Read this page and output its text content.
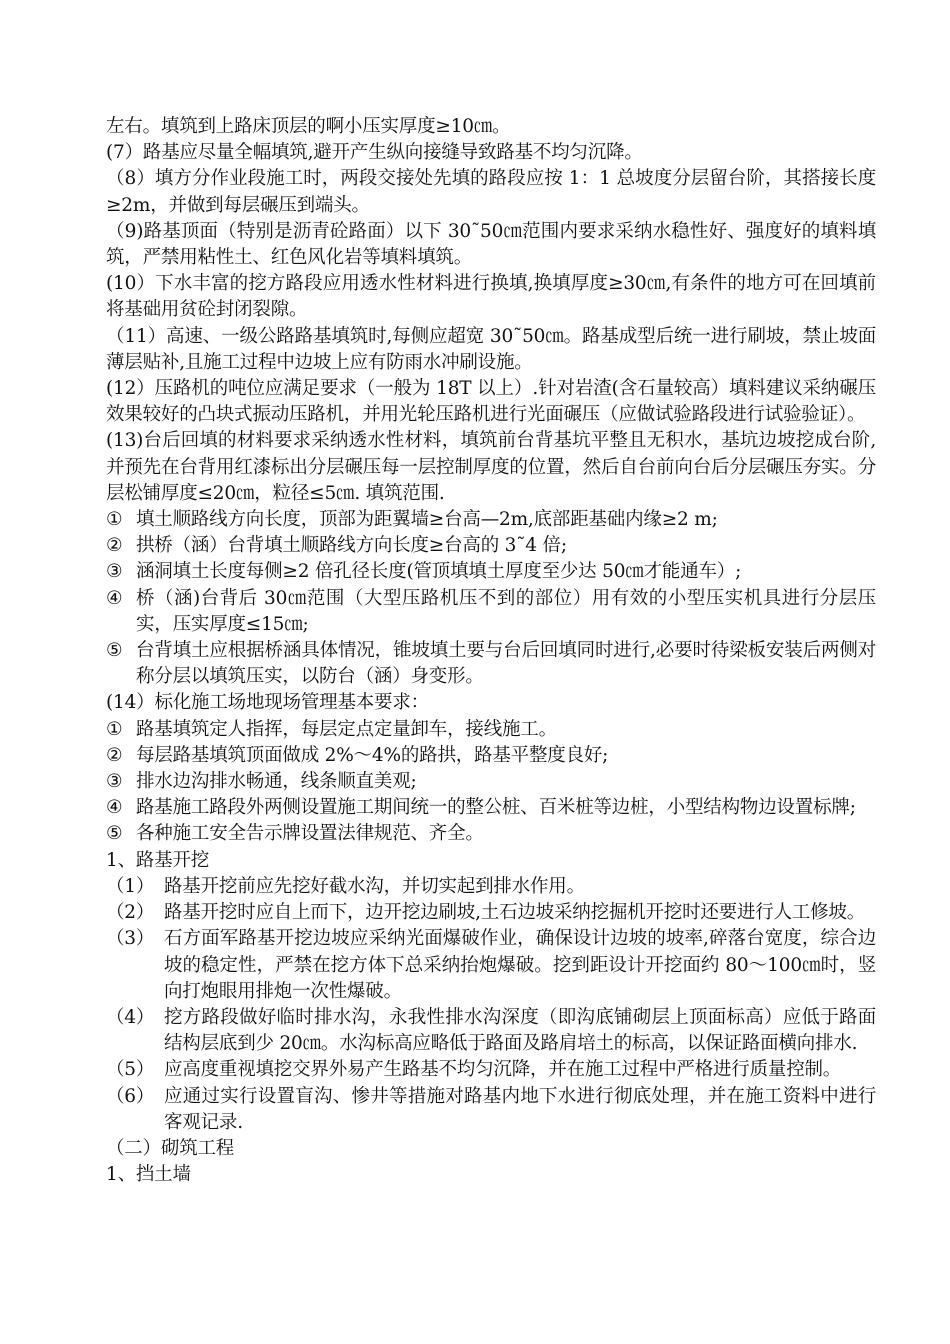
左右。填筑到上路床顶层的啊小压实厚度≥10㎝。

(7）路基应尽量全幅填筑,避开产生纵向接缝导致路基不均匀沉降。

（8）填方分作业段施工时，两段交接处先填的路段应按 1：1 总坡度分层留台阶，其搭接长度≥2m，并做到每层碾压到端头。

（9)路基顶面（特别是沥青砼路面）以下 30˜50㎝范围内要求采纳水稳性好、强度好的填料填筑，严禁用粘性土、红色风化岩等填料填筑。

(10）下水丰富的挖方路段应用透水性材料进行换填,换填厚度≥30㎝,有条件的地方可在回填前将基础用贫砼封闭裂隙。

（11）高速、一级公路路基填筑时,每侧应超宽 30˜50㎝。路基成型后统一进行刷坡，禁止坡面薄层贴补,且施工过程中边坡上应有防雨水冲刷设施。

(12）压路机的吨位应满足要求（一般为 18T 以上）.针对岩渣(含石量较高）填料建议采纳碾压效果较好的凸块式振动压路机，并用光轮压路机进行光面碾压（应做试验路段进行试验验证）。

(13)台后回填的材料要求采纳透水性材料，填筑前台背基坑平整且无积水，基坑边坡挖成台阶,并预先在台背用红漆标出分层碾压每一层控制厚度的位置，然后自台前向台后分层碾压夯实。分层松铺厚度≤20㎝，粒径≤5㎝. 填筑范围.

① 填土顺路线方向长度，顶部为距翼墙≥台高—2m,底部距基础内缘≥2 m;
② 拱桥（涵）台背填土顺路线方向长度≥台高的 3˜4 倍;
③ 涵洞填土长度每侧≥2 倍孔径长度(管顶填填土厚度至少达 50㎝才能通车）;
④ 桥（涵)台背后 30㎝范围（大型压路机压不到的部位）用有效的小型压实机具进行分层压实，压实厚度≤15㎝;
⑤ 台背填土应根据桥涵具体情况，锥坡填土要与台后回填同时进行,必要时待梁板安装后两侧对称分层以填筑压实，以防台（涵）身变形。

(14）标化施工场地现场管理基本要求：

① 路基填筑定人指挥，每层定点定量卸车，接线施工。
② 每层路基填筑顶面做成 2%～4%的路拱，路基平整度良好;
③ 排水边沟排水畅通，线条顺直美观;
④ 路基施工路段外两侧设置施工期间统一的整公桩、百米桩等边桩，小型结构物边设置标牌;
⑤ 各种施工安全告示牌设置法律规范、齐全。

1、路基开挖

（1） 路基开挖前应先挖好截水沟，并切实起到排水作用。
（2） 路基开挖时应自上而下，边开挖边刷坡,土石边坡采纳挖掘机开挖时还要进行人工修坡。
（3） 石方面军路基开挖边坡应采纳光面爆破作业，确保设计边坡的坡率,碎落台宽度，综合边坡的稳定性，严禁在挖方体下总采纳抬炮爆破。挖到距设计开挖面约 80～100㎝时，竖向打炮眼用排炮一次性爆破。
（4） 挖方路段做好临时排水沟，永我性排水沟深度（即沟底铺砌层上顶面标高）应低于路面结构层底到少 20㎝。水沟标高应略低于路面及路肩培土的标高，以保证路面横向排水.
（5） 应高度重视填挖交界外易产生路基不均匀沉降，并在施工过程中严格进行质量控制。
（6） 应通过实行设置盲沟、惨井等措施对路基内地下水进行彻底处理，并在施工资料中进行客观记录.

（二）砌筑工程

1、挡土墙
